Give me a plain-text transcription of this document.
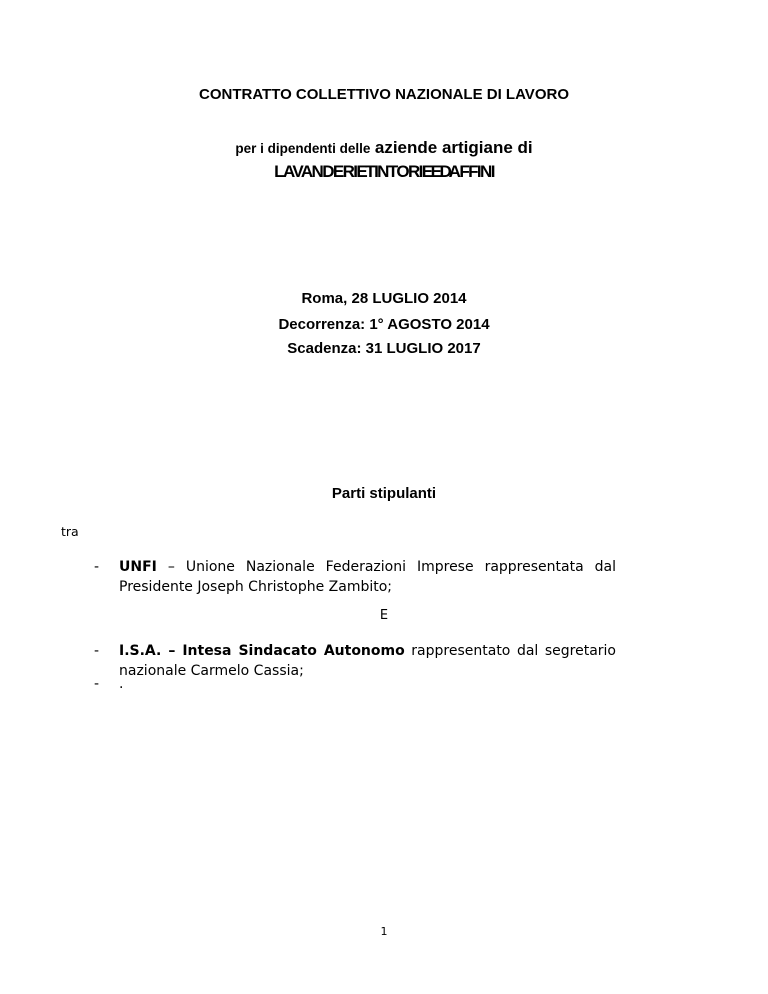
CONTRATTO COLLETTIVO NAZIONALE DI LAVORO
per i dipendenti delle aziende artigiane di
LAVANDERIE TINTORIE E D AFFINI
Roma, 28 LUGLIO 2014
Decorrenza: 1° AGOSTO 2014
Scadenza: 31 LUGLIO 2017
Parti stipulanti
tra
- UNFI – Unione Nazionale Federazioni Imprese rappresentata dal Presidente Joseph Christophe Zambito;
E
- I.S.A. – Intesa Sindacato Autonomo rappresentato dal segretario nazionale Carmelo Cassia;
- .
1
